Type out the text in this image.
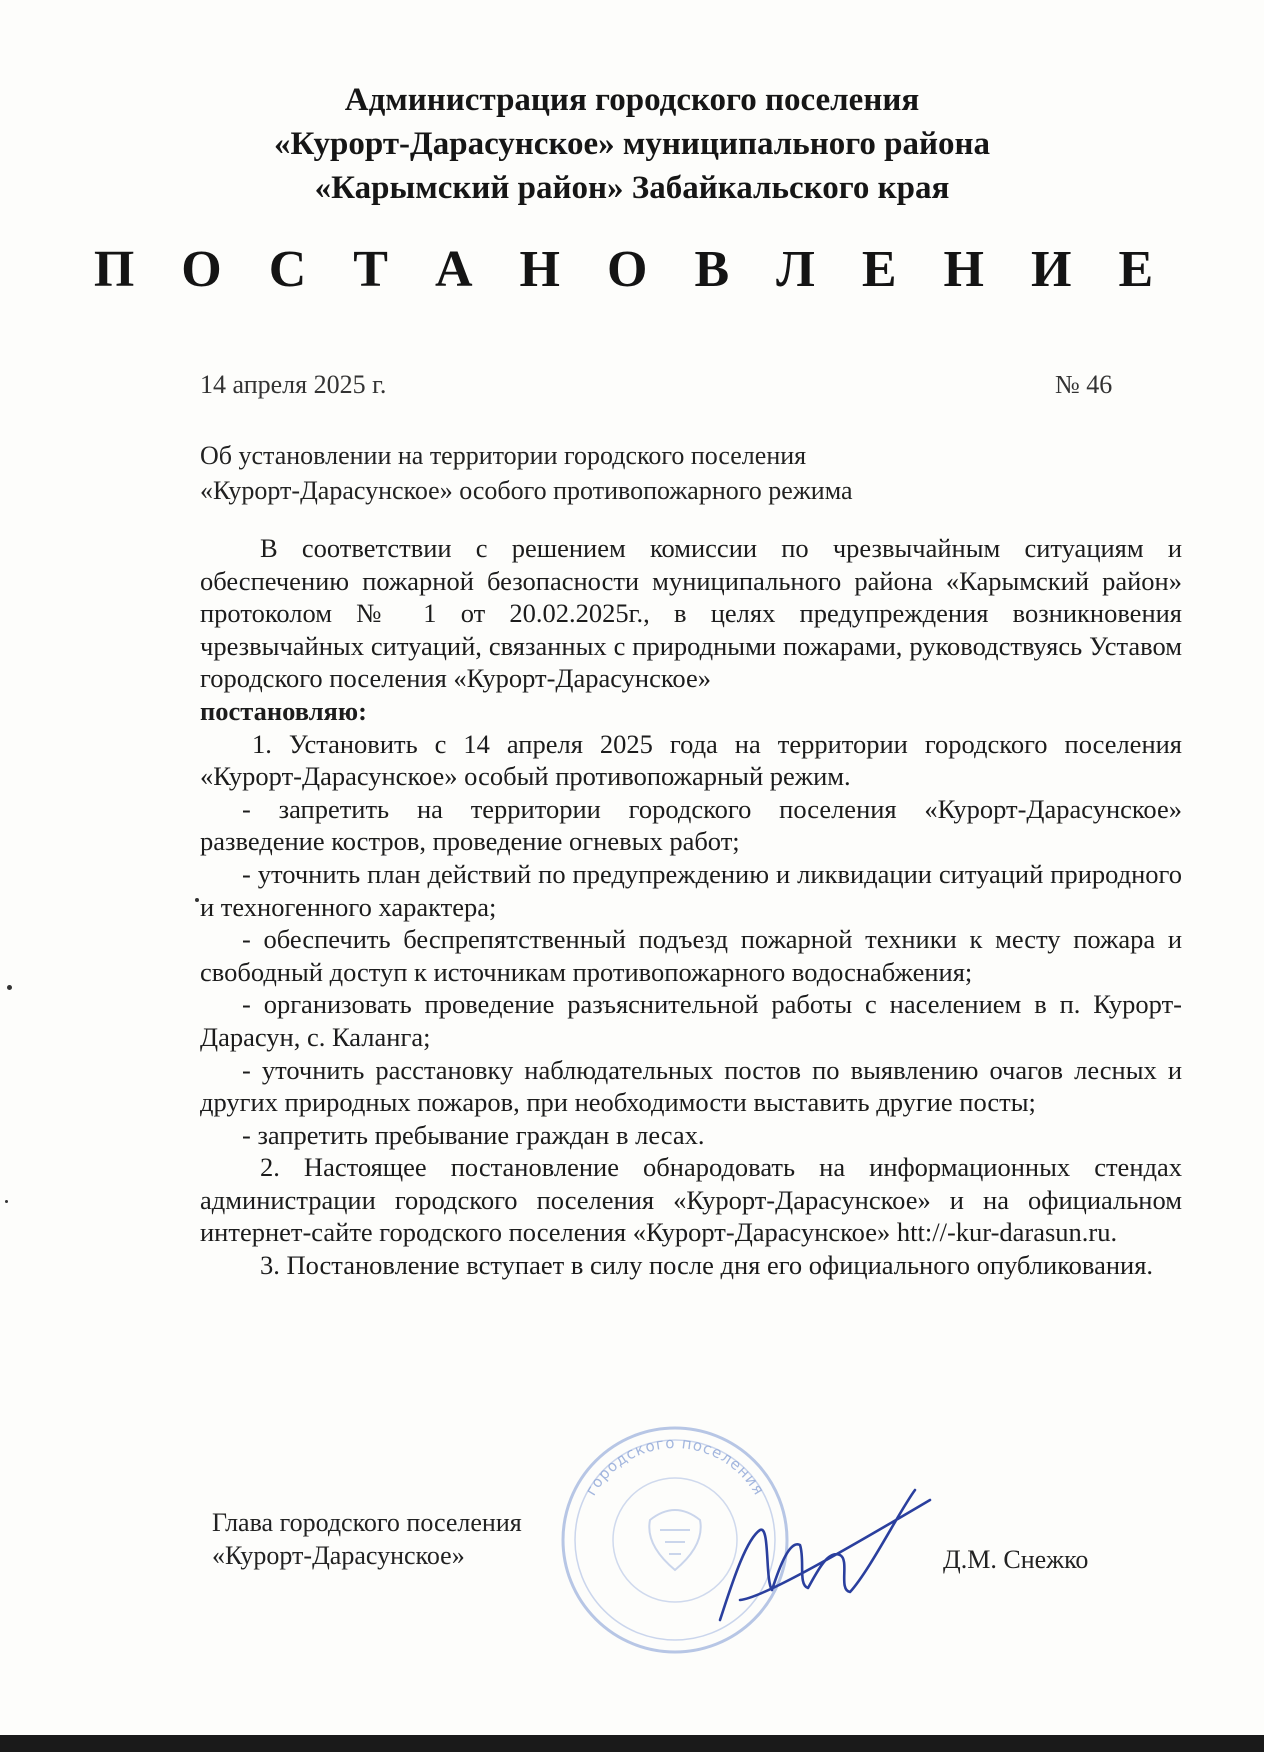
Администрация городского поселения
«Курорт-Дарасунское» муниципального района
«Карымский район» Забайкальского края
П О С Т А Н О В Л Е Н И Е
14 апреля 2025 г.	№ 46
Об установлении на территории городского поселения
«Курорт-Дарасунское» особого противопожарного режима

В соответствии с решением комиссии по чрезвычайным ситуациям и обеспечению пожарной безопасности муниципального района «Карымский район» протоколом № 1 от 20.02.2025г., в целях предупреждения возникновения чрезвычайных ситуаций, связанных с природными пожарами, руководствуясь Уставом городского поселения «Курорт-Дарасунское»

постановляю:

1. Установить с 14 апреля 2025 года на территории городского поселения «Курорт-Дарасунское» особый противопожарный режим.

- запретить на территории городского поселения «Курорт-Дарасунское» разведение костров, проведение огневых работ;

- уточнить план действий по предупреждению и ликвидации ситуаций природного и техногенного характера;

- обеспечить беспрепятственный подъезд пожарной техники к месту пожара и свободный доступ к источникам противопожарного водоснабжения;

- организовать проведение разъяснительной работы с населением в п. Курорт-Дарасун, с. Каланга;

- уточнить расстановку наблюдательных постов по выявлению очагов лесных и других природных пожаров, при необходимости выставить другие посты;

- запретить пребывание граждан в лесах.

2. Настоящее постановление обнародовать на информационных стендах администрации городского поселения «Курорт-Дарасунское» и на официальном интернет-сайте городского поселения «Курорт-Дарасунское» htt://-kur-darasun.ru.

3. Постановление вступает в силу после дня его официального опубликования.

городского поселения
Глава городского поселения
«Курорт-Дарасунское»	Д.М. Снежко
